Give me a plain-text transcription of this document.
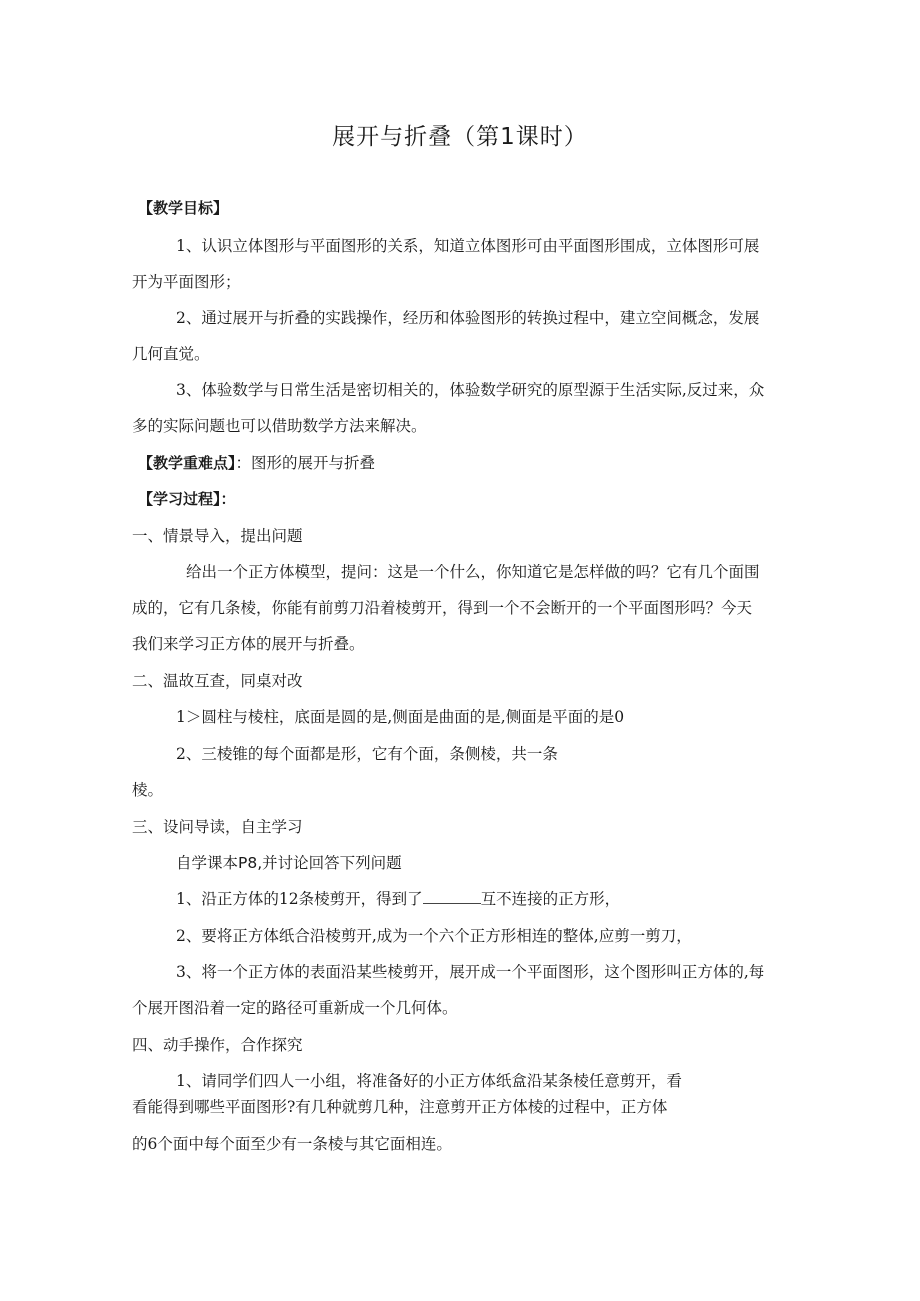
展开与折叠（第1课时）

【教学目标】

1、认识立体图形与平面图形的关系，知道立体图形可由平面图形围成，立体图形可展

开为平面图形；

2、通过展开与折叠的实践操作，经历和体验图形的转换过程中，建立空间概念，发展

几何直觉。

3、体验数学与日常生活是密切相关的，体验数学研究的原型源于生活实际,反过来，众

多的实际问题也可以借助数学方法来解决。

【教学重难点】：图形的展开与折叠

【学习过程】：

一、情景导入，提出问题

给出一个正方体模型，提问：这是一个什么，你知道它是怎样做的吗？它有几个面围

成的，它有几条棱，你能有前剪刀沿着棱剪开，得到一个不会断开的一个平面图形吗？今天

我们来学习正方体的展开与折叠。

二、温故互查，同桌对改

1＞圆柱与棱柱，底面是圆的是,侧面是曲面的是,侧面是平面的是0

2、三棱锥的每个面都是形，它有个面，条侧棱，共一条

棱。

三、设问导读，自主学习

自学课本P8,并讨论回答下列问题

1、沿正方体的12条棱剪开，得到了	互不连接的正方形，

2、要将正方体纸合沿棱剪开,成为一个六个正方形相连的整体,应剪一剪刀，

3、将一个正方体的表面沿某些棱剪开，展开成一个平面图形，这个图形叫正方体的,每

个展开图沿着一定的路径可重新成一个几何体。

四、动手操作，合作探究

1、请同学们四人一小组，将准备好的小正方体纸盒沿某条棱任意剪开，看

看能得到哪些平面图形?有几种就剪几种，注意剪开正方体棱的过程中，正方体

的6个面中每个面至少有一条棱与其它面相连。
